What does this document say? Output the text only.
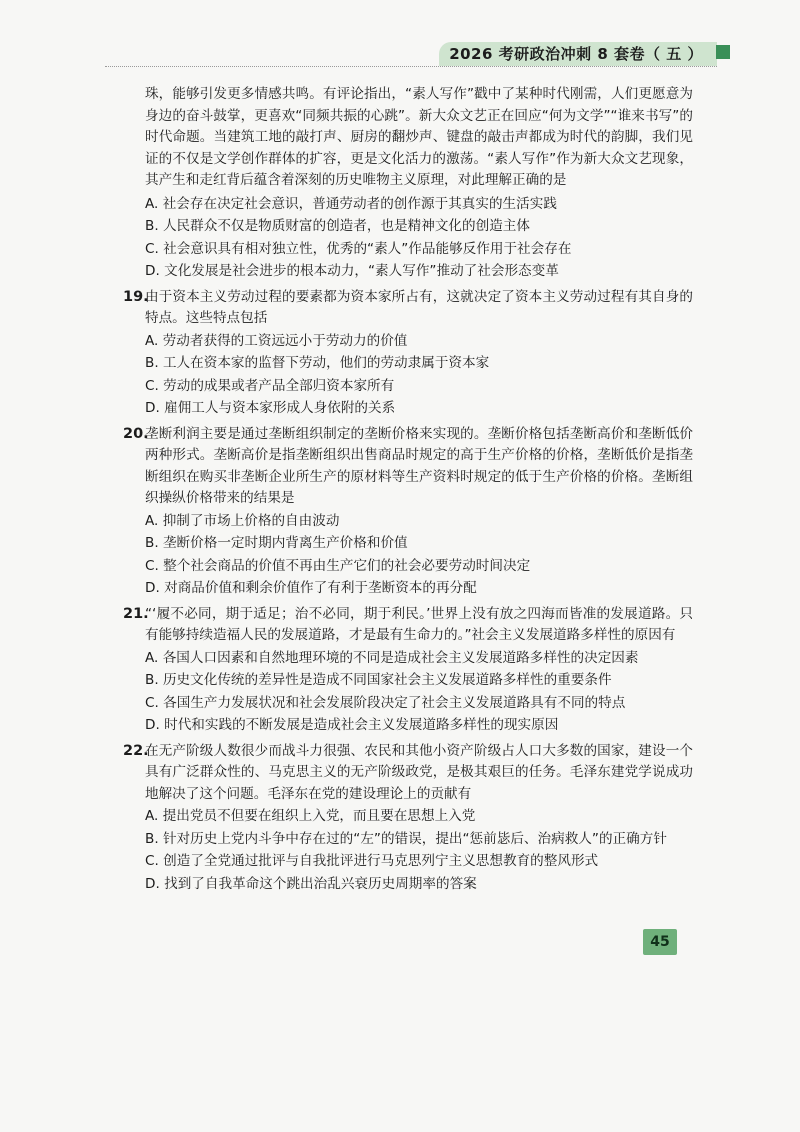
2026 考研政治冲刺 8 套卷（ 五 ）
珠，能够引发更多情感共鸣。有评论指出，“素人写作”戳中了某种时代刚需，人们更愿意为身边的奋斗鼓掌，更喜欢“同频共振的心跳”。新大众文艺正在回应“何为文学”“谁来书写”的时代命题。当建筑工地的敲打声、厨房的翻炒声、键盘的敲击声都成为时代的韵脚，我们见证的不仅是文学创作群体的扩容，更是文化活力的激荡。“素人写作”作为新大众文艺现象，其产生和走红背后蕴含着深刻的历史唯物主义原理，对此理解正确的是
A. 社会存在决定社会意识，普通劳动者的创作源于其真实的生活实践
B. 人民群众不仅是物质财富的创造者，也是精神文化的创造主体
C. 社会意识具有相对独立性，优秀的“素人”作品能够反作用于社会存在
D. 文化发展是社会进步的根本动力，“素人写作”推动了社会形态变革
19.
由于资本主义劳动过程的要素都为资本家所占有，这就决定了资本主义劳动过程有其自身的特点。这些特点包括
A. 劳动者获得的工资远远小于劳动力的价值
B. 工人在资本家的监督下劳动，他们的劳动隶属于资本家
C. 劳动的成果或者产品全部归资本家所有
D. 雇佣工人与资本家形成人身依附的关系
20.
垄断利润主要是通过垄断组织制定的垄断价格来实现的。垄断价格包括垄断高价和垄断低价两种形式。垄断高价是指垄断组织出售商品时规定的高于生产价格的价格，垄断低价是指垄断组织在购买非垄断企业所生产的原材料等生产资料时规定的低于生产价格的价格。垄断组织操纵价格带来的结果是
A. 抑制了市场上价格的自由波动
B. 垄断价格一定时期内背离生产价格和价值
C. 整个社会商品的价值不再由生产它们的社会必要劳动时间决定
D. 对商品价值和剩余价值作了有利于垄断资本的再分配
21.
“‘履不必同，期于适足；治不必同，期于利民。’世界上没有放之四海而皆准的发展道路。只有能够持续造福人民的发展道路，才是最有生命力的。”社会主义发展道路多样性的原因有
A. 各国人口因素和自然地理环境的不同是造成社会主义发展道路多样性的决定因素
B. 历史文化传统的差异性是造成不同国家社会主义发展道路多样性的重要条件
C. 各国生产力发展状况和社会发展阶段决定了社会主义发展道路具有不同的特点
D. 时代和实践的不断发展是造成社会主义发展道路多样性的现实原因
22.
在无产阶级人数很少而战斗力很强、农民和其他小资产阶级占人口大多数的国家，建设一个具有广泛群众性的、马克思主义的无产阶级政党，是极其艰巨的任务。毛泽东建党学说成功地解决了这个问题。毛泽东在党的建设理论上的贡献有
A. 提出党员不但要在组织上入党，而且要在思想上入党
B. 针对历史上党内斗争中存在过的“左”的错误，提出“惩前毖后、治病救人”的正确方针
C. 创造了全党通过批评与自我批评进行马克思列宁主义思想教育的整风形式
D. 找到了自我革命这个跳出治乱兴衰历史周期率的答案
45
